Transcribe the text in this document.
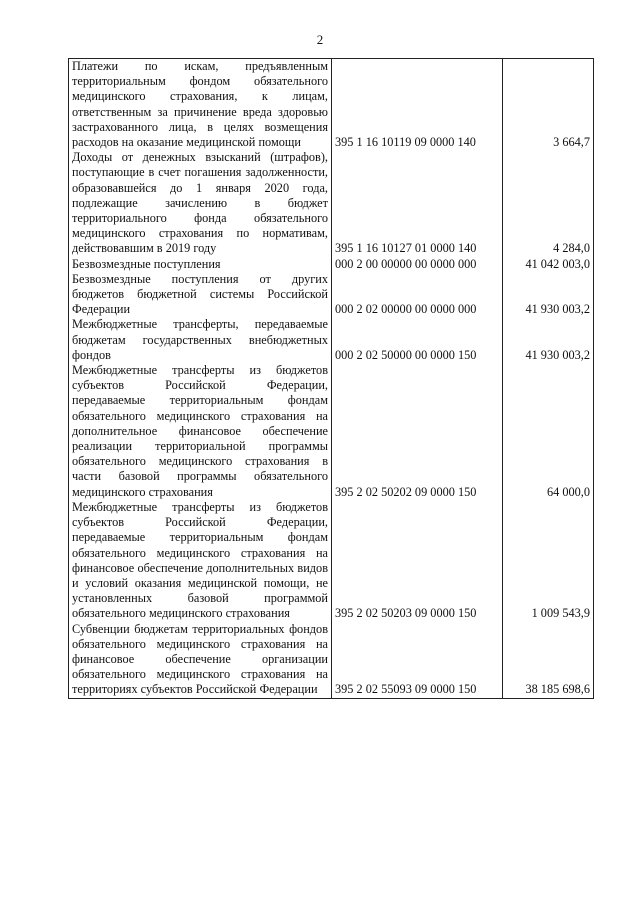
2
Платежи по искам, предъявленным территориальным фондом обязательного медицинского страхования, к лицам, ответственным за причинение вреда здоровью застрахованного лица, в целях возмещения расходов на оказание медицинской помощи	395 1 16 10119 09 0000 140	3 664,7
Доходы от денежных взысканий (штрафов), поступающие в счет погашения задолженности, образовавшейся до 1 января 2020 года, подлежащие зачислению в бюджет территориального фонда обязательного медицинского страхования по нормативам, действовавшим в 2019 году	395 1 16 10127 01 0000 140	4 284,0
Безвозмездные поступления	000 2 00 00000 00 0000 000	41 042 003,0
Безвозмездные поступления от других бюджетов бюджетной системы Российской Федерации	000 2 02 00000 00 0000 000	41 930 003,2
Межбюджетные трансферты, передаваемые бюджетам государственных внебюджетных фондов	000 2 02 50000 00 0000 150	41 930 003,2
Межбюджетные трансферты из бюджетов субъектов Российской Федерации, передаваемые территориальным фондам обязательного медицинского страхования на дополнительное финансовое обеспечение реализации территориальной программы обязательного медицинского страхования в части базовой программы обязательного медицинского страхования	395 2 02 50202 09 0000 150	64 000,0
Межбюджетные трансферты из бюджетов субъектов Российской Федерации, передаваемые территориальным фондам обязательного медицинского страхования на финансовое обеспечение дополнительных видов и условий оказания медицинской помощи, не установленных базовой программой обязательного медицинского страхования	395 2 02 50203 09 0000 150	1 009 543,9
Субвенции бюджетам территориальных фондов обязательного медицинского страхования на финансовое обеспечение организации обязательного медицинского страхования на территориях субъектов Российской Федерации	395 2 02 55093 09 0000 150	38 185 698,6
